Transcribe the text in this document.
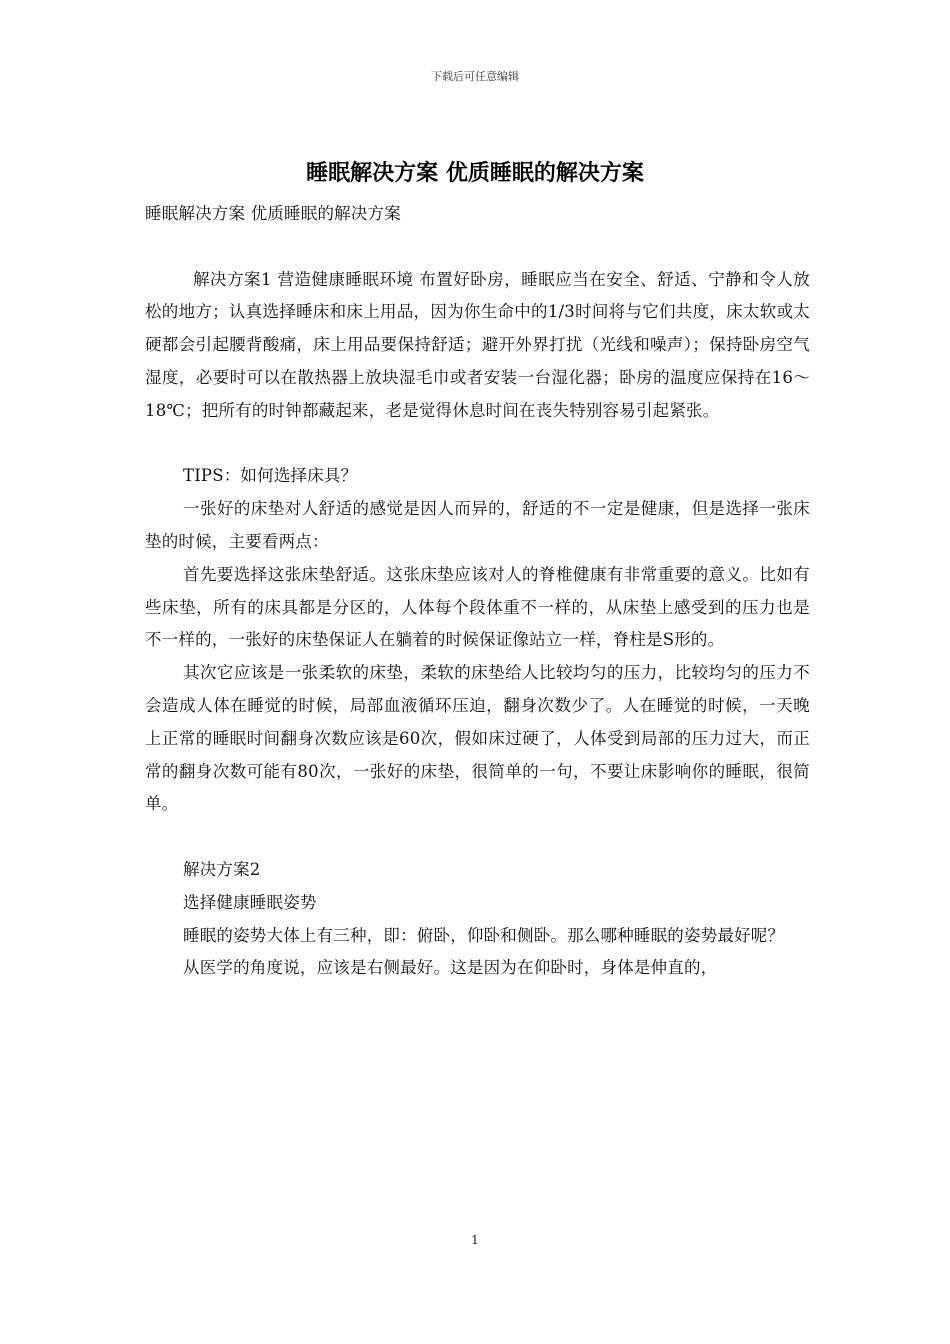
下载后可任意编辑
睡眠解决方案 优质睡眠的解决方案

睡眠解决方案 优质睡眠的解决方案

解决方案1 营造健康睡眠环境 布置好卧房，睡眠应当在安全、舒适、宁静和令人放松的地方；认真选择睡床和床上用品，因为你生命中的1/3时间将与它们共度，床太软或太硬都会引起腰背酸痛，床上用品要保持舒适；避开外界打扰（光线和噪声）；保持卧房空气湿度，必要时可以在散热器上放块湿毛巾或者安装一台湿化器；卧房的温度应保持在16～18℃；把所有的时钟都藏起来，老是觉得休息时间在丧失特别容易引起紧张。

TIPS：如何选择床具？

一张好的床垫对人舒适的感觉是因人而异的，舒适的不一定是健康，但是选择一张床垫的时候，主要看两点：

首先要选择这张床垫舒适。这张床垫应该对人的脊椎健康有非常重要的意义。比如有些床垫，所有的床具都是分区的，人体每个段体重不一样的，从床垫上感受到的压力也是不一样的，一张好的床垫保证人在躺着的时候保证像站立一样，脊柱是S形的。

其次它应该是一张柔软的床垫，柔软的床垫给人比较均匀的压力，比较均匀的压力不会造成人体在睡觉的时候，局部血液循环压迫，翻身次数少了。人在睡觉的时候，一天晚上正常的睡眠时间翻身次数应该是60次，假如床过硬了，人体受到局部的压力过大，而正常的翻身次数可能有80次，一张好的床垫，很简单的一句，不要让床影响你的睡眠，很简单。

解决方案2

选择健康睡眠姿势

睡眠的姿势大体上有三种，即：俯卧，仰卧和侧卧。那么哪种睡眠的姿势最好呢？

从医学的角度说，应该是右侧最好。这是因为在仰卧时，身体是伸直的，

1
